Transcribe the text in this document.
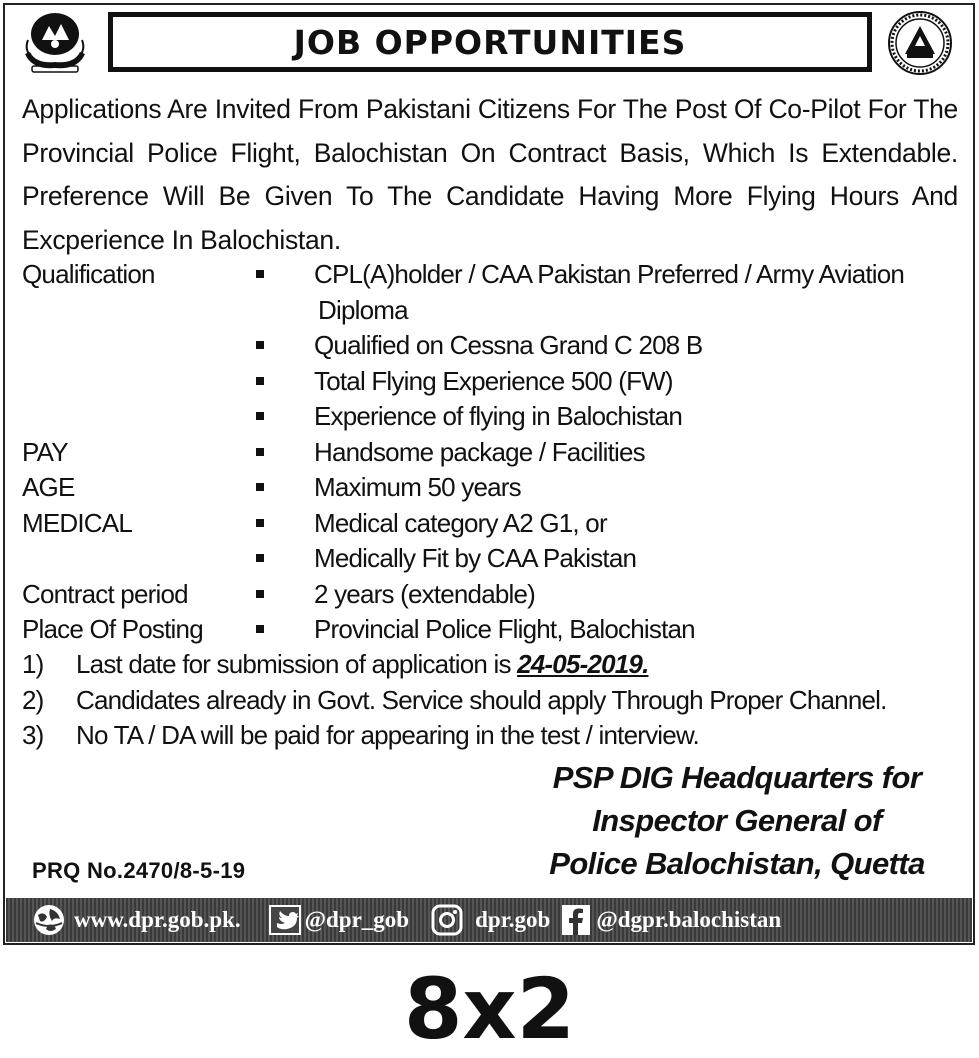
JOB OPPORTUNITIES
Applications Are Invited From Pakistani Citizens For The Post Of Co-Pilot For The Provincial Police Flight, Balochistan On Contract Basis, Which Is Extendable. Preference Will Be Given To The Candidate Having More Flying Hours And Excperience In Balochistan.
Qualification	CPL(A)holder / CAA Pakistan Preferred / Army Aviation
Diploma
Qualified on Cessna Grand C 208 B
Total Flying Experience 500 (FW)
Experience of flying in Balochistan
PAY	Handsome package / Facilities
AGE	Maximum 50 years
MEDICAL	Medical category A2 G1, or
Medically Fit by CAA Pakistan
Contract period	2 years (extendable)
Place Of Posting	Provincial Police Flight, Balochistan
1)	Last date for submission of application is 24-05-2019.
2)	Candidates already in Govt. Service should apply Through Proper Channel.
3)	No TA / DA will be paid for appearing in the test / interview.
PSP DIG Headquarters for
Inspector General of
Police Balochistan, Quetta
PRQ No.2470/8-5-19
www.dpr.gob.pk.	@dpr_gob	dpr.gob @dgpr.balochistan
8x2
